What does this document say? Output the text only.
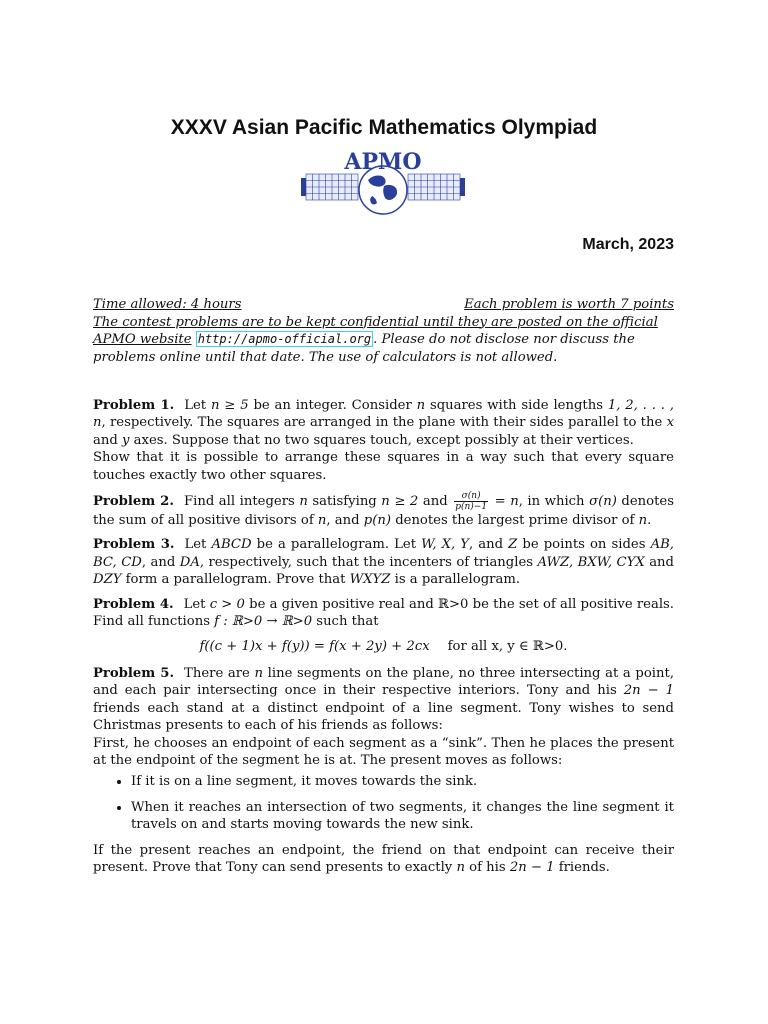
XXXV Asian Pacific Mathematics Olympiad
APMO
March, 2023
Time allowed: 4 hours	Each problem is worth 7 points
The contest problems are to be kept confidential until they are posted on the official APMO website http://apmo-official.org . Please do not disclose nor discuss the problems online until that date. The use of calculators is not allowed.
Problem 1. Let n ≥ 5 be an integer. Consider n squares with side lengths 1, 2, . . . , n, respectively. The squares are arranged in the plane with their sides parallel to the x and y axes. Suppose that no two squares touch, except possibly at their vertices.
Show that it is possible to arrange these squares in a way such that every square touches exactly two other squares.
Problem 2. Find all integers n satisfying n ≥ 2 and $\frac{\sigma(n)}{p(n)-1} = n$, in which σ(n) denotes the sum of all positive divisors of n, and p(n) denotes the largest prime divisor of n.
Problem 3. Let ABCD be a parallelogram. Let W, X, Y, and Z be points on sides AB, BC, CD, and DA, respectively, such that the incenters of triangles AWZ, BXW, CYX and DZY form a parallelogram. Prove that WXYZ is a parallelogram.
Problem 4. Let c > 0 be a given positive real and ℝ>0 be the set of all positive reals. Find all functions f : ℝ>0 → ℝ>0 such that
f((c + 1)x + f(y)) = f(x + 2y) + 2cx for all x, y ∈ ℝ>0.
Problem 5. There are n line segments on the plane, no three intersecting at a point, and each pair intersecting once in their respective interiors. Tony and his 2n − 1 friends each stand at a distinct endpoint of a line segment. Tony wishes to send Christmas presents to each of his friends as follows:
First, he chooses an endpoint of each segment as a “sink”. Then he places the present at the endpoint of the segment he is at. The present moves as follows:
• If it is on a line segment, it moves towards the sink.
• When it reaches an intersection of two segments, it changes the line segment it travels on and starts moving towards the new sink.
If the present reaches an endpoint, the friend on that endpoint can receive their present. Prove that Tony can send presents to exactly n of his 2n − 1 friends.
